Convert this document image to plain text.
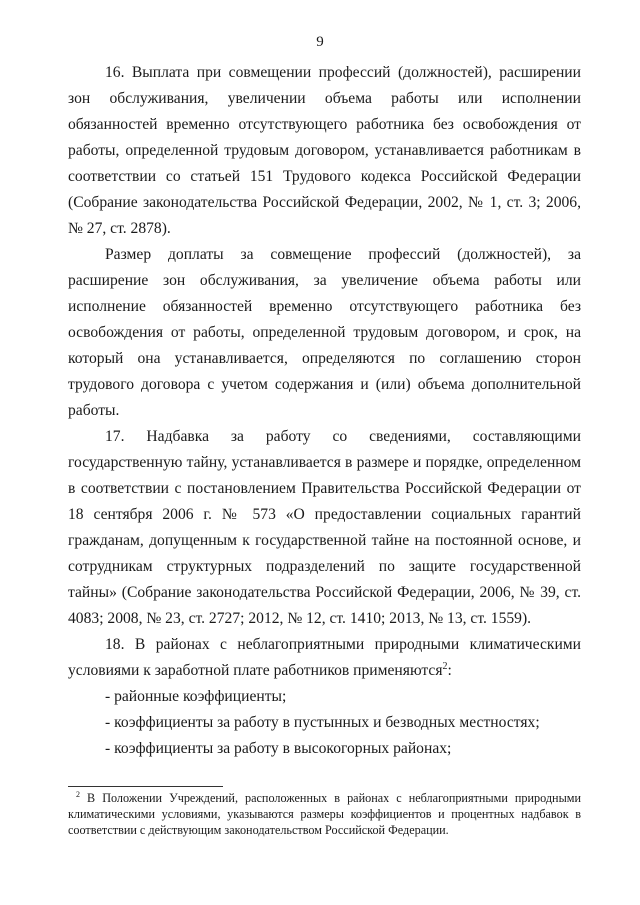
9

16. Выплата при совмещении профессий (должностей), расширении зон обслуживания, увеличении объема работы или исполнении обязанностей временно отсутствующего работника без освобождения от работы, определенной трудовым договором, устанавливается работникам в соответствии со статьей 151 Трудового кодекса Российской Федерации (Собрание законодательства Российской Федерации, 2002, № 1, ст. 3; 2006, № 27, ст. 2878).

Размер доплаты за совмещение профессий (должностей), за расширение зон обслуживания, за увеличение объема работы или исполнение обязанностей временно отсутствующего работника без освобождения от работы, определенной трудовым договором, и срок, на который она устанавливается, определяются по соглашению сторон трудового договора с учетом содержания и (или) объема дополнительной работы.

17. Надбавка за работу со сведениями, составляющими государственную тайну, устанавливается в размере и порядке, определенном в соответствии с постановлением Правительства Российской Федерации от 18 сентября 2006 г. № 573 «О предоставлении социальных гарантий гражданам, допущенным к государственной тайне на постоянной основе, и сотрудникам структурных подразделений по защите государственной тайны» (Собрание законодательства Российской Федерации, 2006, № 39, ст. 4083; 2008, № 23, ст. 2727; 2012, № 12, ст. 1410; 2013, № 13, ст. 1559).

18. В районах с неблагоприятными природными климатическими условиями к заработной плате работников применяются$^2$:

- районные коэффициенты;

- коэффициенты за работу в пустынных и безводных местностях;

- коэффициенты за работу в высокогорных районах;

$^2$ В Положении Учреждений, расположенных в районах с неблагоприятными природными климатическими условиями, указываются размеры коэффициентов и процентных надбавок в соответствии с действующим законодательством Российской Федерации.
